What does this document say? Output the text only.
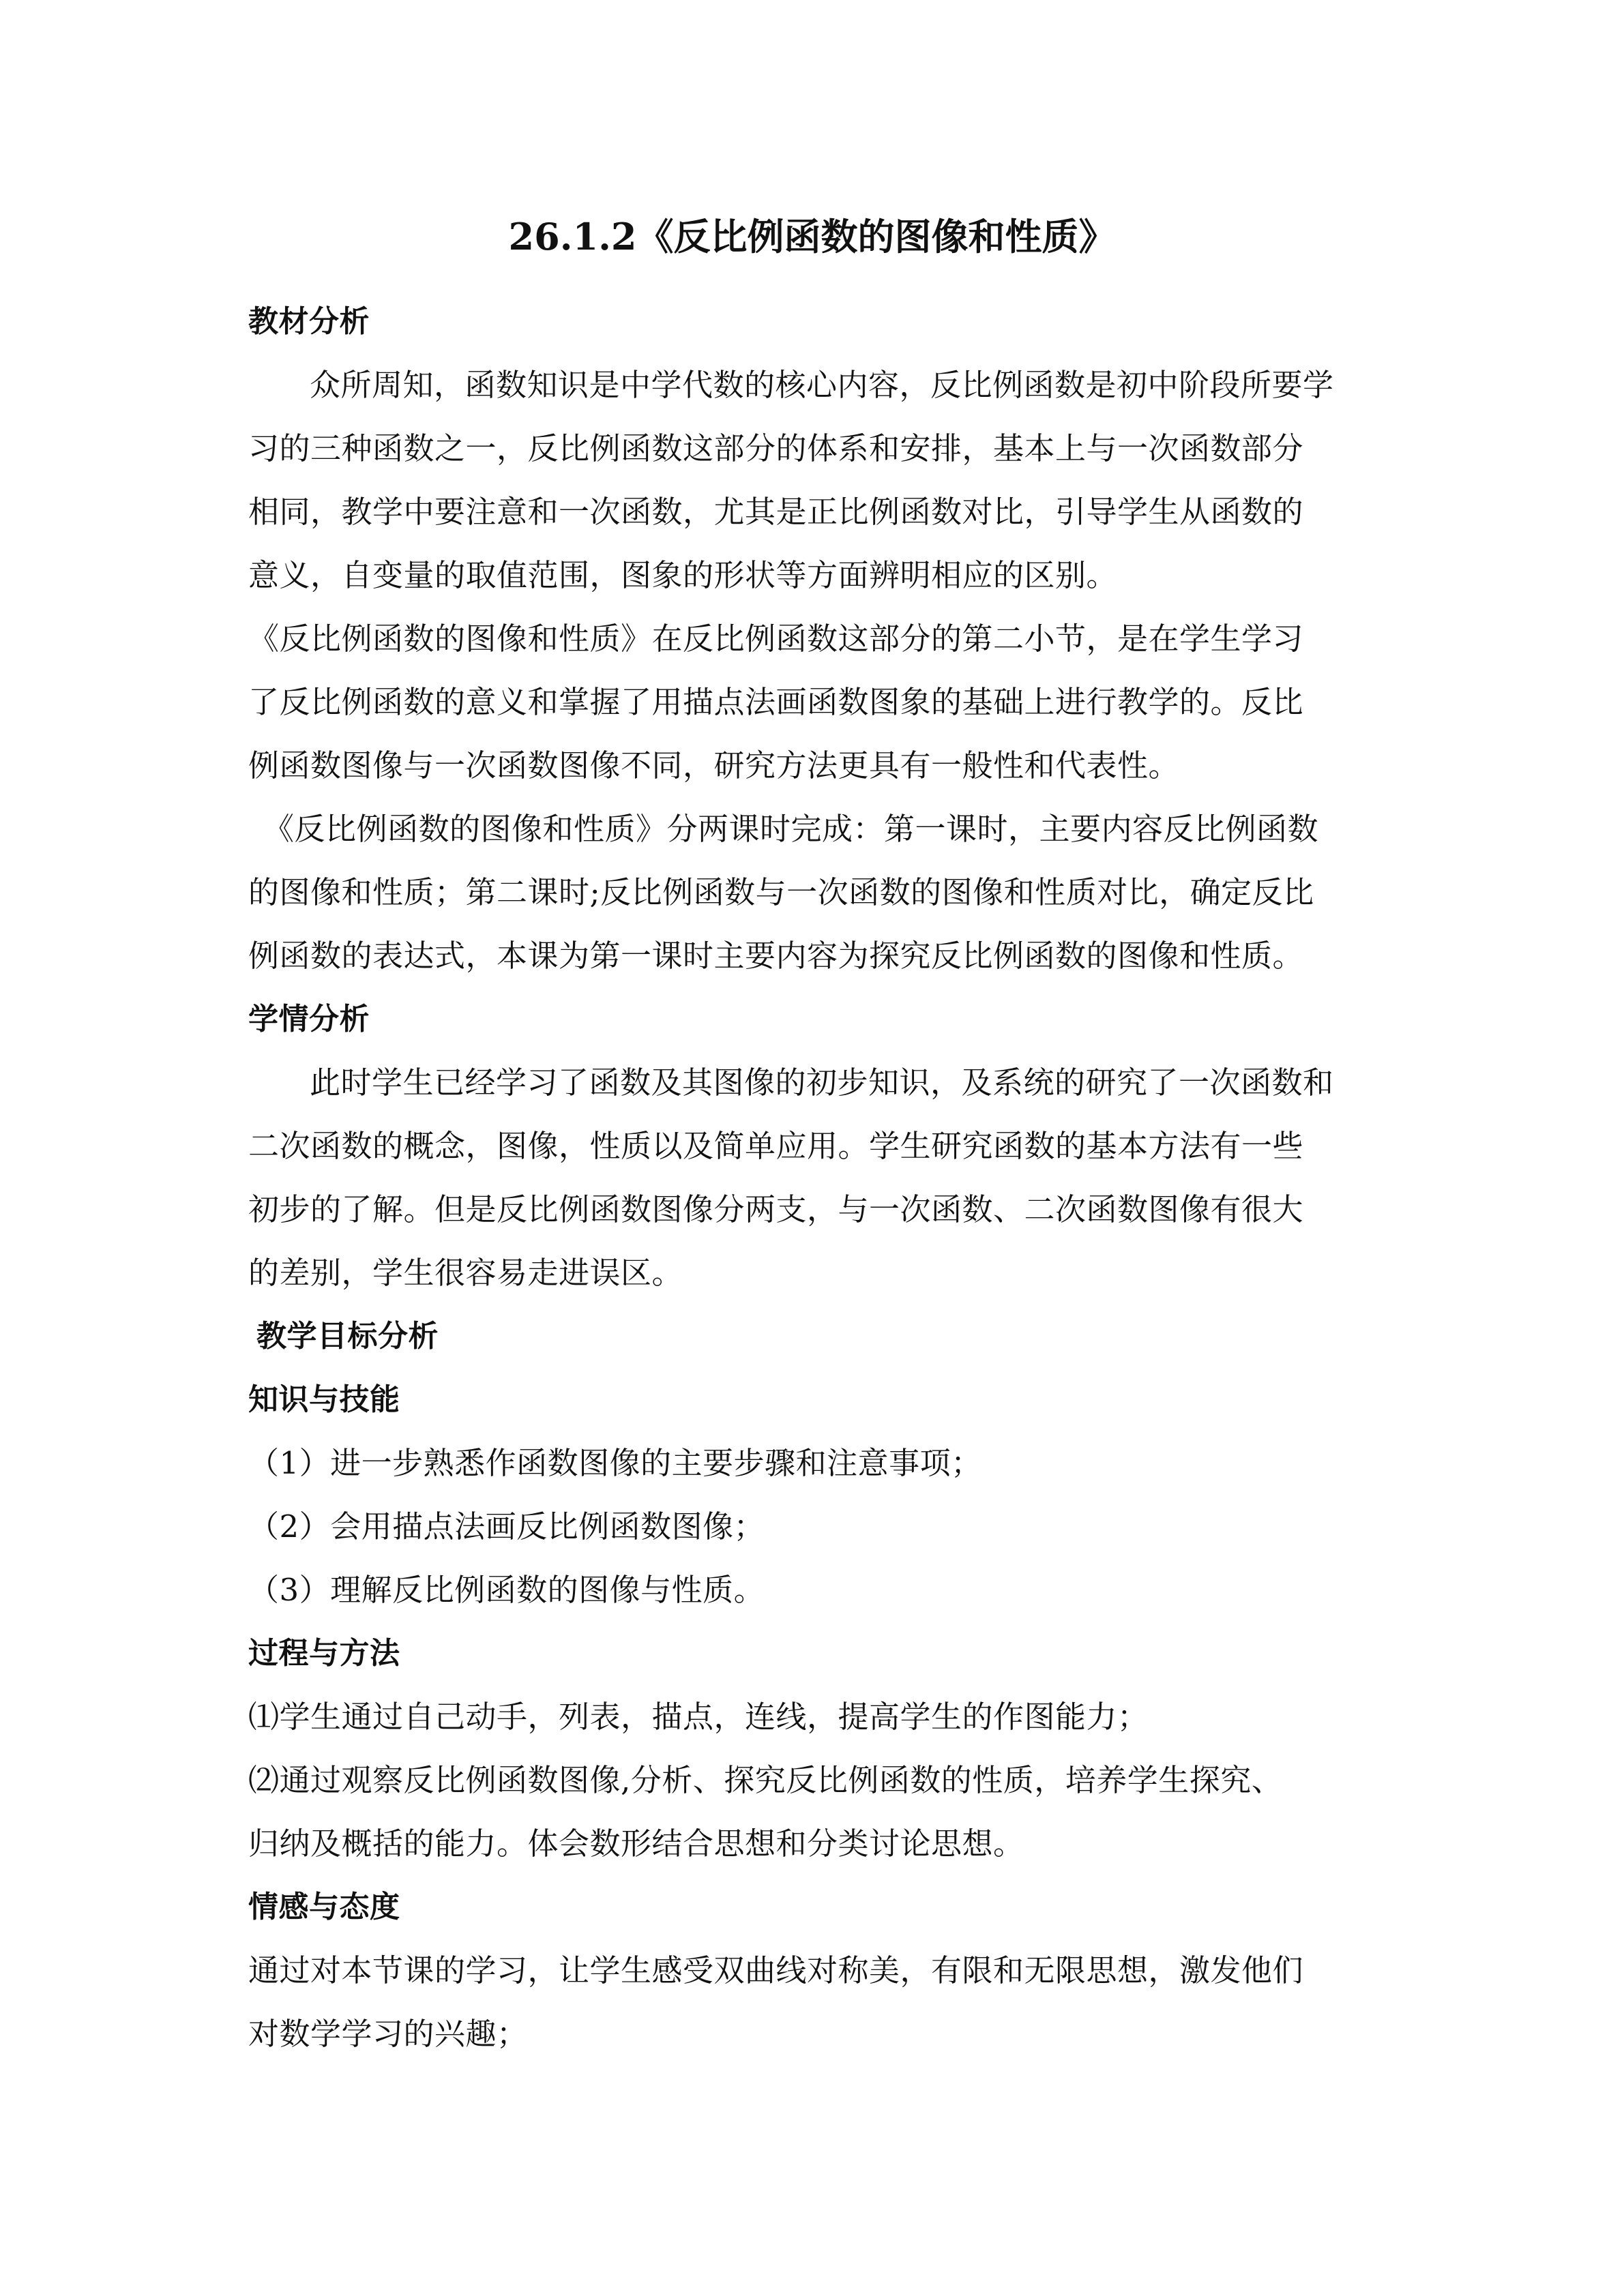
26.1.2《反比例函数的图像和性质》
教材分析
众所周知，函数知识是中学代数的核心内容，反比例函数是初中阶段所要学
习的三种函数之一，反比例函数这部分的体系和安排，基本上与一次函数部分
相同，教学中要注意和一次函数，尤其是正比例函数对比，引导学生从函数的
意义，自变量的取值范围，图象的形状等方面辨明相应的区别。
《反比例函数的图像和性质》在反比例函数这部分的第二小节，是在学生学习
了反比例函数的意义和掌握了用描点法画函数图象的基础上进行教学的。反比
例函数图像与一次函数图像不同，研究方法更具有一般性和代表性。
《反比例函数的图像和性质》分两课时完成：第一课时，主要内容反比例函数
的图像和性质；第二课时;反比例函数与一次函数的图像和性质对比，确定反比
例函数的表达式，本课为第一课时主要内容为探究反比例函数的图像和性质。
学情分析
此时学生已经学习了函数及其图像的初步知识，及系统的研究了一次函数和
二次函数的概念，图像，性质以及简单应用。学生研究函数的基本方法有一些
初步的了解。但是反比例函数图像分两支，与一次函数、二次函数图像有很大
的差别，学生很容易走进误区。
教学目标分析
知识与技能
（1）进一步熟悉作函数图像的主要步骤和注意事项；
（2）会用描点法画反比例函数图像；
（3）理解反比例函数的图像与性质。
过程与方法
⑴学生通过自己动手，列表，描点，连线，提高学生的作图能力；
⑵通过观察反比例函数图像,分析、探究反比例函数的性质，培养学生探究、
归纳及概括的能力。体会数形结合思想和分类讨论思想。
情感与态度
通过对本节课的学习，让学生感受双曲线对称美，有限和无限思想，激发他们
对数学学习的兴趣；
